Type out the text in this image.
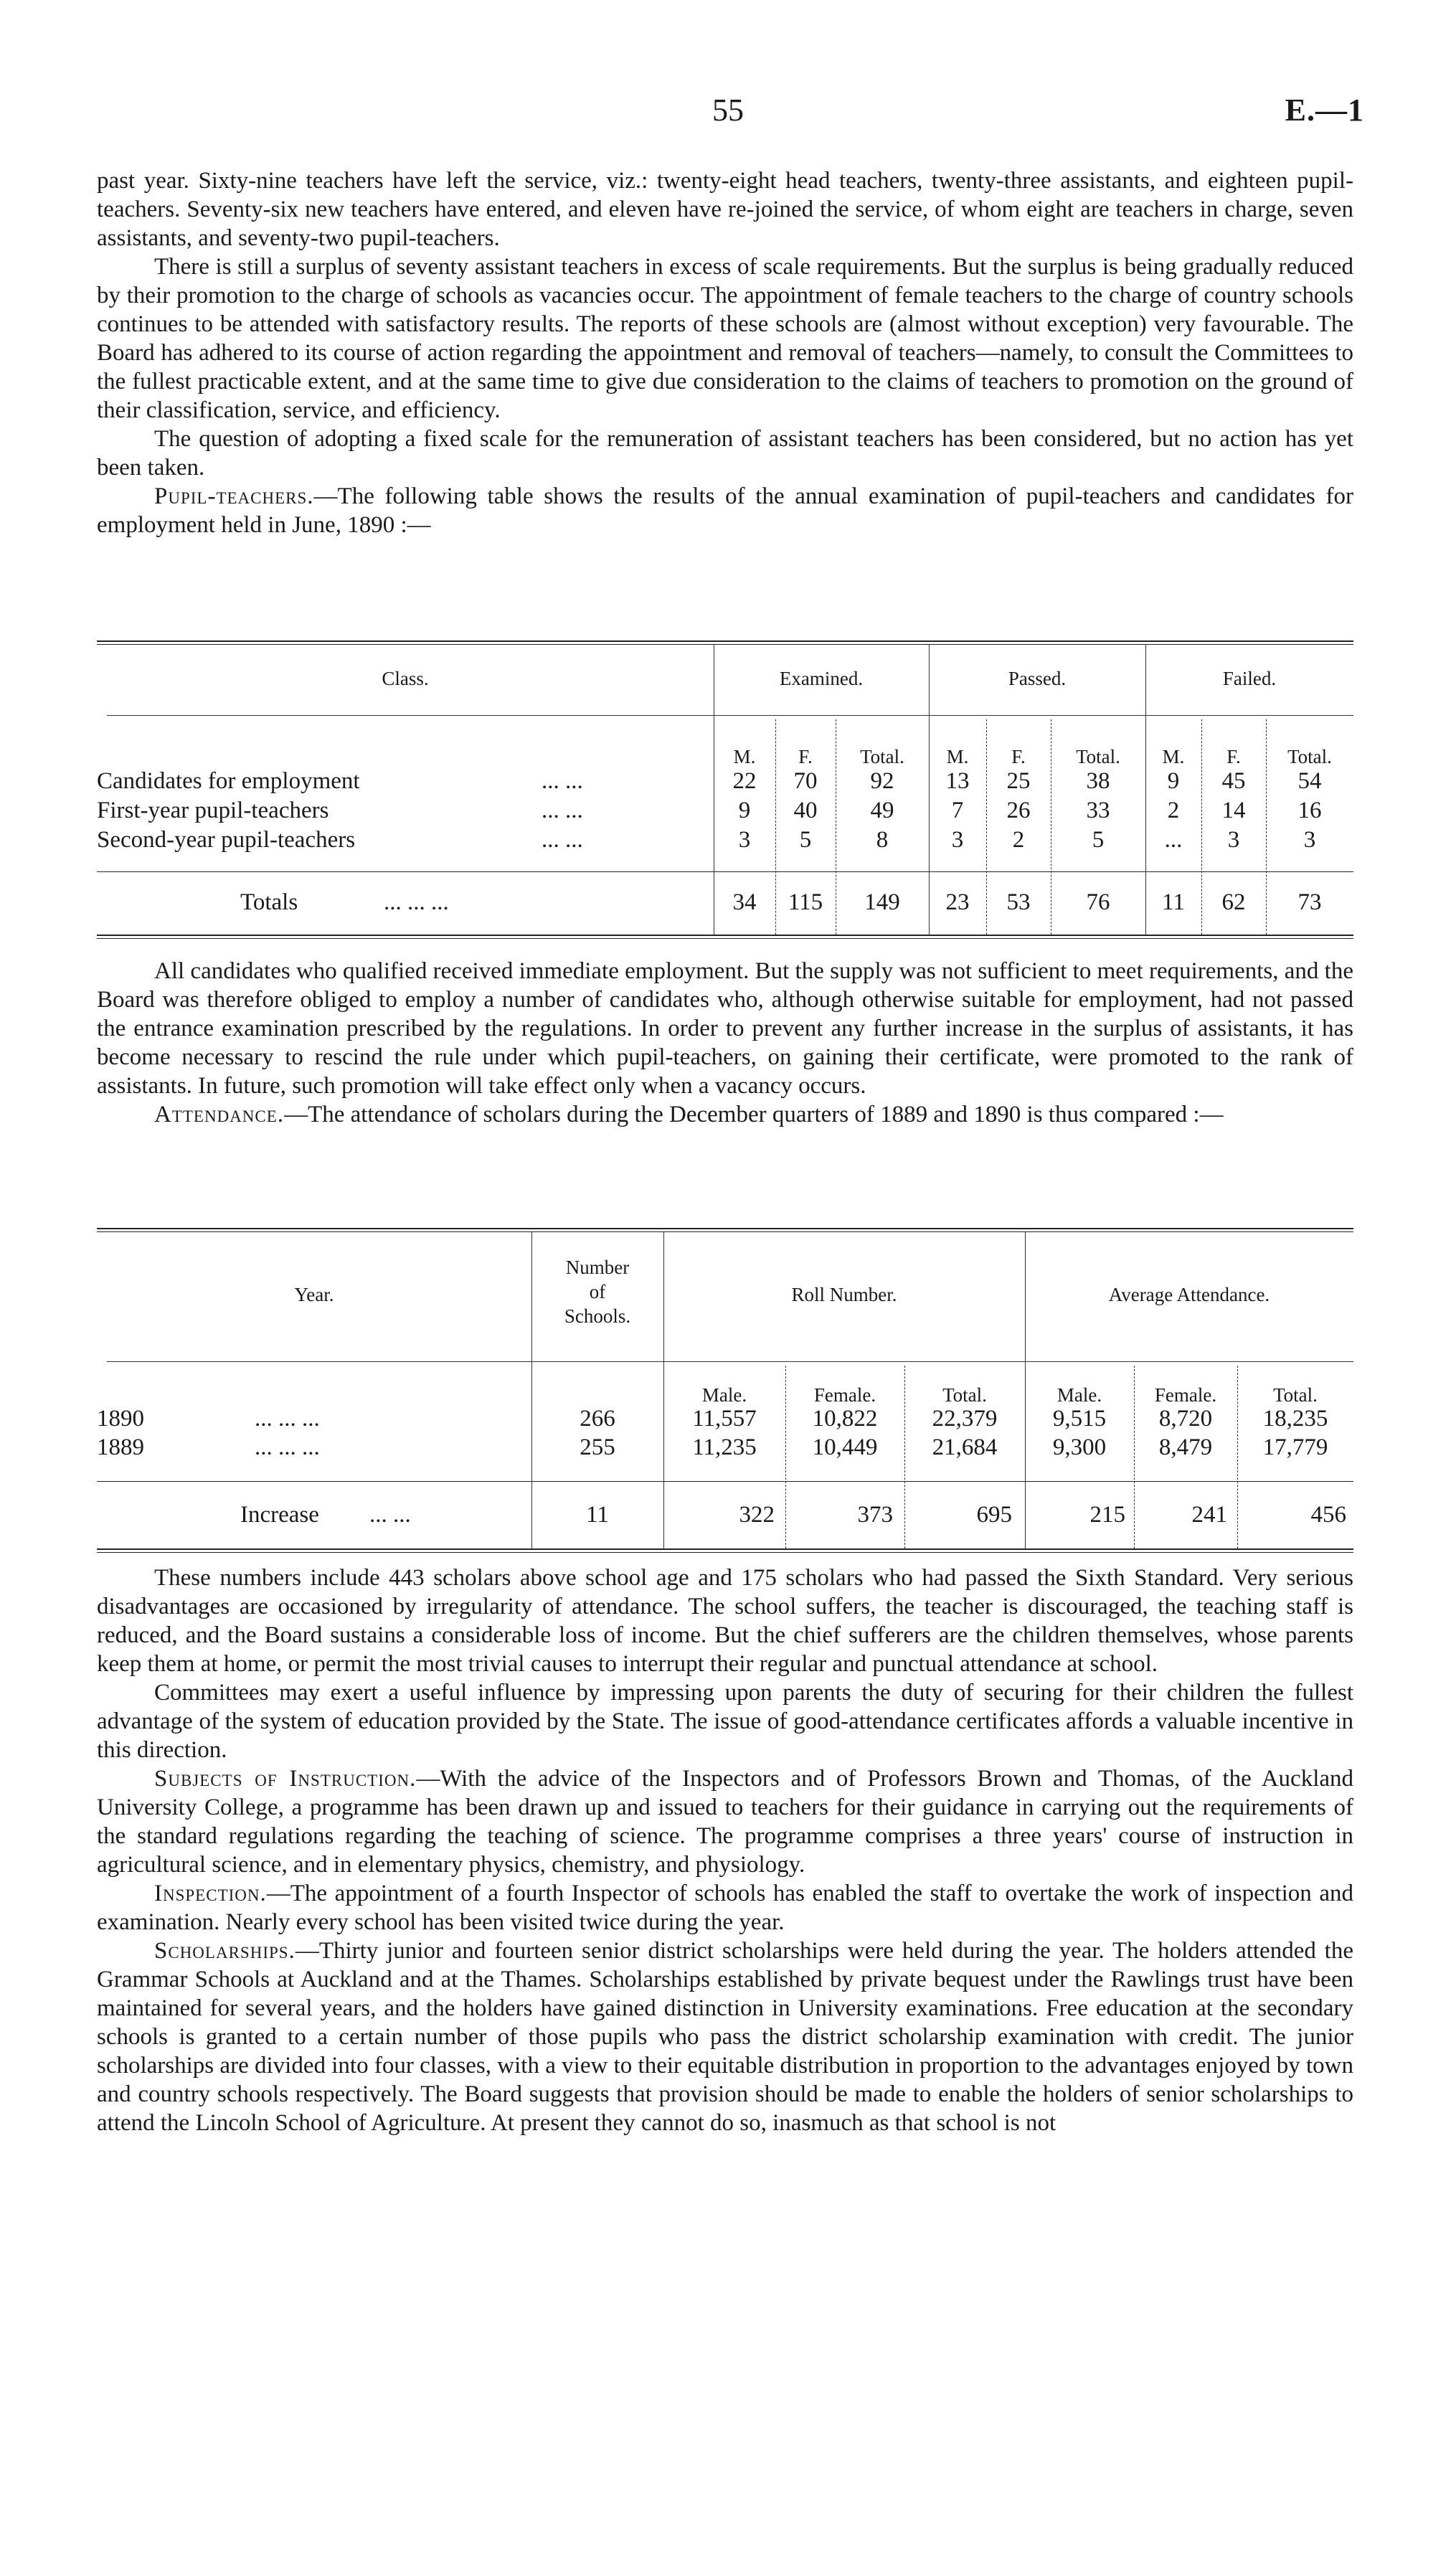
55	E.—1

past year. Sixty-nine teachers have left the service, viz.: twenty-eight head teachers, twenty-three assistants, and eighteen pupil-teachers. Seventy-six new teachers have entered, and eleven have re-joined the service, of whom eight are teachers in charge, seven assistants, and seventy-two pupil-teachers.

There is still a surplus of seventy assistant teachers in excess of scale requirements. But the surplus is being gradually reduced by their promotion to the charge of schools as vacancies occur. The appointment of female teachers to the charge of country schools continues to be attended with satisfactory results. The reports of these schools are (almost without exception) very favourable. The Board has adhered to its course of action regarding the appointment and removal of teachers—namely, to consult the Committees to the fullest practicable extent, and at the same time to give due consideration to the claims of teachers to promotion on the ground of their classification, service, and efficiency.

The question of adopting a fixed scale for the remuneration of assistant teachers has been considered, but no action has yet been taken.

Pupil-teachers.—The following table shows the results of the annual examination of pupil-teachers and candidates for employment held in June, 1890 :—

Class.	Examined.	Passed.	Failed.
M.	F.	Total.	M.	F.	Total.	M.	F.	Total.
Candidates for employment	... ...	22	70	92	13	25	38	9	45	54
First-year pupil-teachers	... ...	9	40	49	7	26	33	2	14	16
Second-year pupil-teachers	... ...	3	5	8	3	2	5	...	3	3
Totals	... ... ...	34	115	149	23	53	76	11	62	73

All candidates who qualified received immediate employment. But the supply was not sufficient to meet requirements, and the Board was therefore obliged to employ a number of candidates who, although otherwise suitable for employment, had not passed the entrance examination prescribed by the regulations. In order to prevent any further increase in the surplus of assistants, it has become necessary to rescind the rule under which pupil-teachers, on gaining their certificate, were promoted to the rank of assistants. In future, such promotion will take effect only when a vacancy occurs.

Attendance.—The attendance of scholars during the December quarters of 1889 and 1890 is thus compared :—

Year.
Number
of
Schools.
Roll Number.	Average Attendance.
Male.	Female.	Total.	Male.	Female.	Total.
1890	... ... ...	266	11,557	10,822	22,379	9,515	8,720	18,235
1889	... ... ...	255	11,235	10,449	21,684	9,300	8,479	17,779
Increase ... ...	11	322	373	695	215	241	456

These numbers include 443 scholars above school age and 175 scholars who had passed the Sixth Standard. Very serious disadvantages are occasioned by irregularity of attendance. The school suffers, the teacher is discouraged, the teaching staff is reduced, and the Board sustains a considerable loss of income. But the chief sufferers are the children themselves, whose parents keep them at home, or permit the most trivial causes to interrupt their regular and punctual attendance at school.

Committees may exert a useful influence by impressing upon parents the duty of securing for their children the fullest advantage of the system of education provided by the State. The issue of good-attendance certificates affords a valuable incentive in this direction.

Subjects of Instruction.—With the advice of the Inspectors and of Professors Brown and Thomas, of the Auckland University College, a programme has been drawn up and issued to teachers for their guidance in carrying out the requirements of the standard regulations regarding the teaching of science. The programme comprises a three years' course of instruction in agricultural science, and in elementary physics, chemistry, and physiology.

Inspection.—The appointment of a fourth Inspector of schools has enabled the staff to overtake the work of inspection and examination. Nearly every school has been visited twice during the year.

Scholarships.—Thirty junior and fourteen senior district scholarships were held during the year. The holders attended the Grammar Schools at Auckland and at the Thames. Scholarships established by private bequest under the Rawlings trust have been maintained for several years, and the holders have gained distinction in University examinations. Free education at the secondary schools is granted to a certain number of those pupils who pass the district scholarship examination with credit. The junior scholarships are divided into four classes, with a view to their equitable distribution in proportion to the advantages enjoyed by town and country schools respectively. The Board suggests that provision should be made to enable the holders of senior scholarships to attend the Lincoln School of Agriculture. At present they cannot do so, inasmuch as that school is not
